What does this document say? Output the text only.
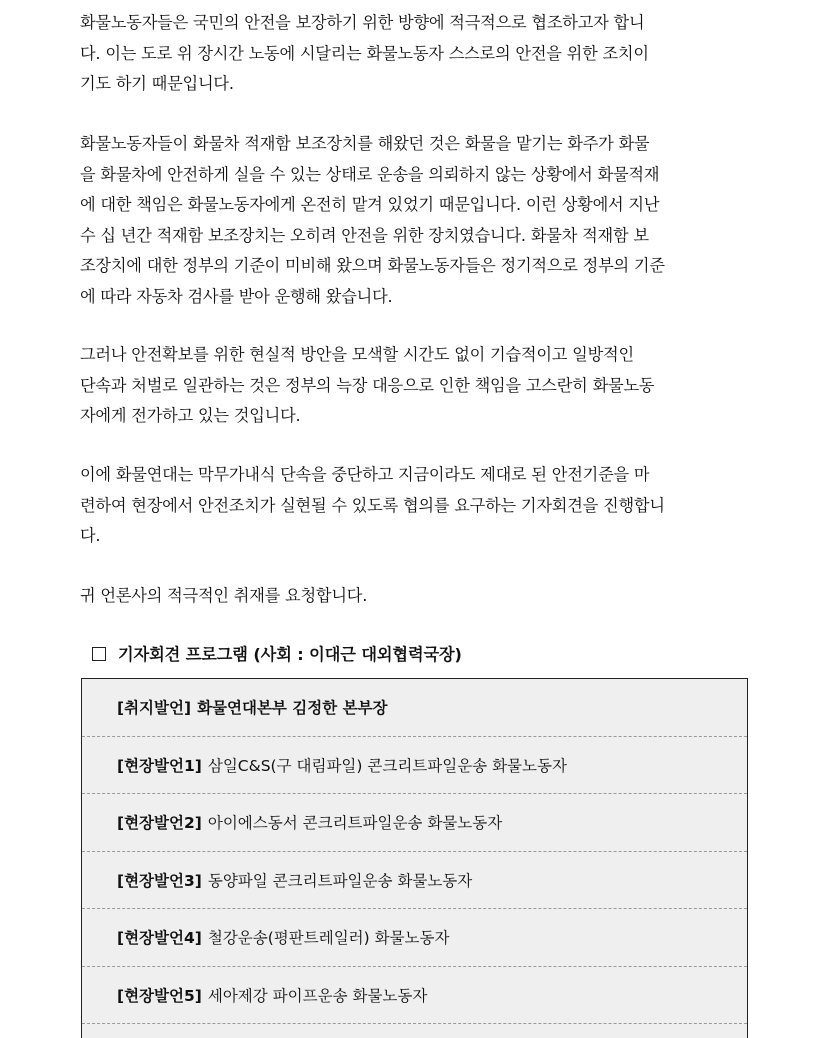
화물노동자들은 국민의 안전을 보장하기 위한 방향에 적극적으로 협조하고자 합니
다. 이는 도로 위 장시간 노동에 시달리는 화물노동자 스스로의 안전을 위한 조치이
기도 하기 때문입니다.

화물노동자들이 화물차 적재함 보조장치를 해왔던 것은 화물을 맡기는 화주가 화물
을 화물차에 안전하게 실을 수 있는 상태로 운송을 의뢰하지 않는 상황에서 화물적재
에 대한 책임은 화물노동자에게 온전히 맡겨 있었기 때문입니다. 이런 상황에서 지난
수 십 년간 적재함 보조장치는 오히려 안전을 위한 장치였습니다. 화물차 적재함 보
조장치에 대한 정부의 기준이 미비해 왔으며 화물노동자들은 정기적으로 정부의 기준
에 따라 자동차 검사를 받아 운행해 왔습니다.

그러나 안전확보를 위한 현실적 방안을 모색할 시간도 없이 기습적이고 일방적인
단속과 처벌로 일관하는 것은 정부의 늑장 대응으로 인한 책임을 고스란히 화물노동
자에게 전가하고 있는 것입니다.

이에 화물연대는 막무가내식 단속을 중단하고 지금이라도 제대로 된 안전기준을 마
련하여 현장에서 안전조치가 실현될 수 있도록 협의를 요구하는 기자회견을 진행합니
다.

귀 언론사의 적극적인 취재를 요청합니다.

기자회견 프로그램 (사회 : 이대근 대외협력국장)

[취지발언] 화물연대본부 김정한 본부장
[현장발언1] 삼일C&S(구 대림파일) 콘크리트파일운송 화물노동자
[현장발언2] 아이에스동서 콘크리트파일운송 화물노동자
[현장발언3] 동양파일 콘크리트파일운송 화물노동자
[현장발언4] 철강운송(평판트레일러) 화물노동자
[현장발언5] 세아제강 파이프운송 화물노동자
